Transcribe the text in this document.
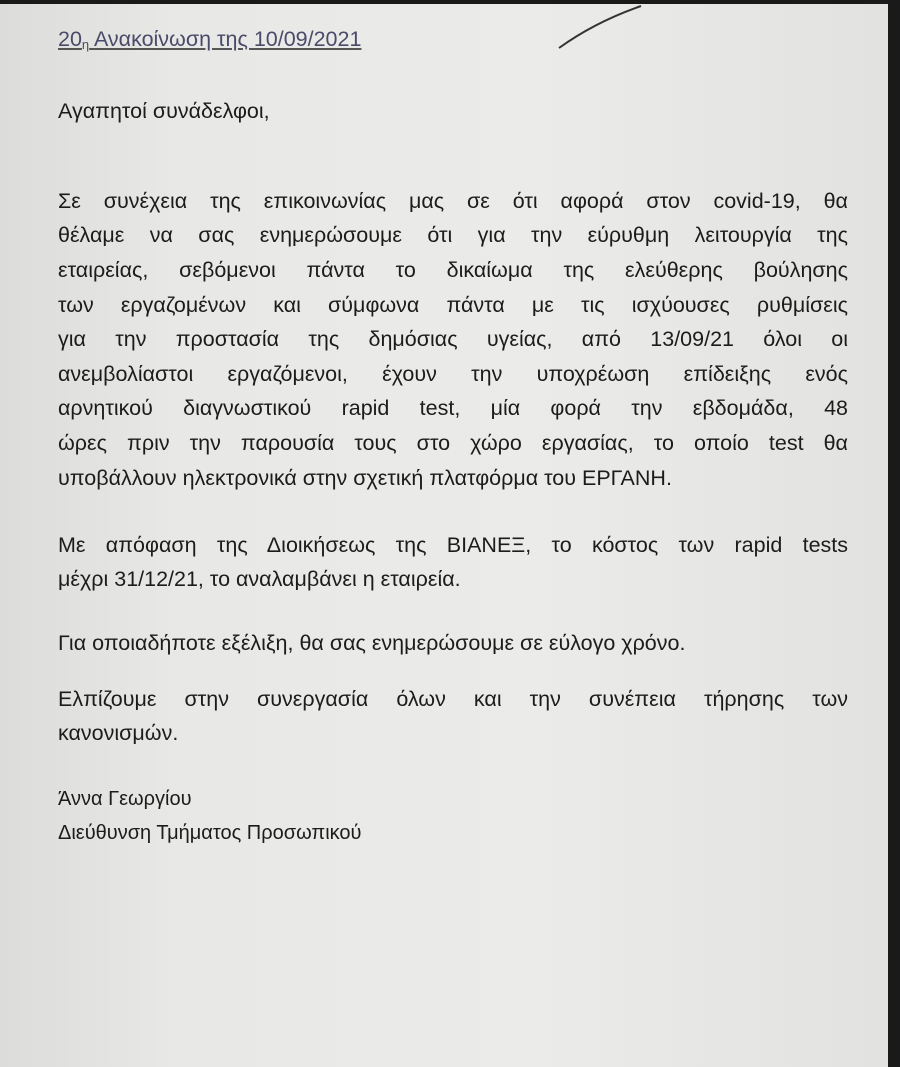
$20_\eta$ Ανακοίνωση της 10/09/2021
Αγαπητοί συνάδελφοι,
Σε συνέχεια της επικοινωνίας μας σε ότι αφορά στον covid-19, θα
θέλαμε να σας ενημερώσουμε ότι για την εύρυθμη λειτουργία της
εταιρείας, σεβόμενοι πάντα το δικαίωμα της ελεύθερης βούλησης
των εργαζομένων και σύμφωνα πάντα με τις ισχύουσες ρυθμίσεις
για την προστασία της δημόσιας υγείας, από 13/09/21 όλοι οι
ανεμβολίαστοι εργαζόμενοι, έχουν την υποχρέωση επίδειξης ενός
αρνητικού διαγνωστικού rapid test, μία φορά την εβδομάδα, 48
ώρες πριν την παρουσία τους στο χώρο εργασίας, το οποίο test θα
υποβάλλουν ηλεκτρονικά στην σχετική πλατφόρμα του ΕΡΓΑΝΗ.
Με απόφαση της Διοικήσεως της ΒΙΑΝΕΞ, το κόστος των rapid tests
μέχρι 31/12/21, το αναλαμβάνει η εταιρεία.
Για οποιαδήποτε εξέλιξη, θα σας ενημερώσουμε σε εύλογο χρόνο.
Ελπίζουμε στην συνεργασία όλων και την συνέπεια τήρησης των
κανονισμών.
Άννα Γεωργίου
Διεύθυνση Τμήματος Προσωπικού
